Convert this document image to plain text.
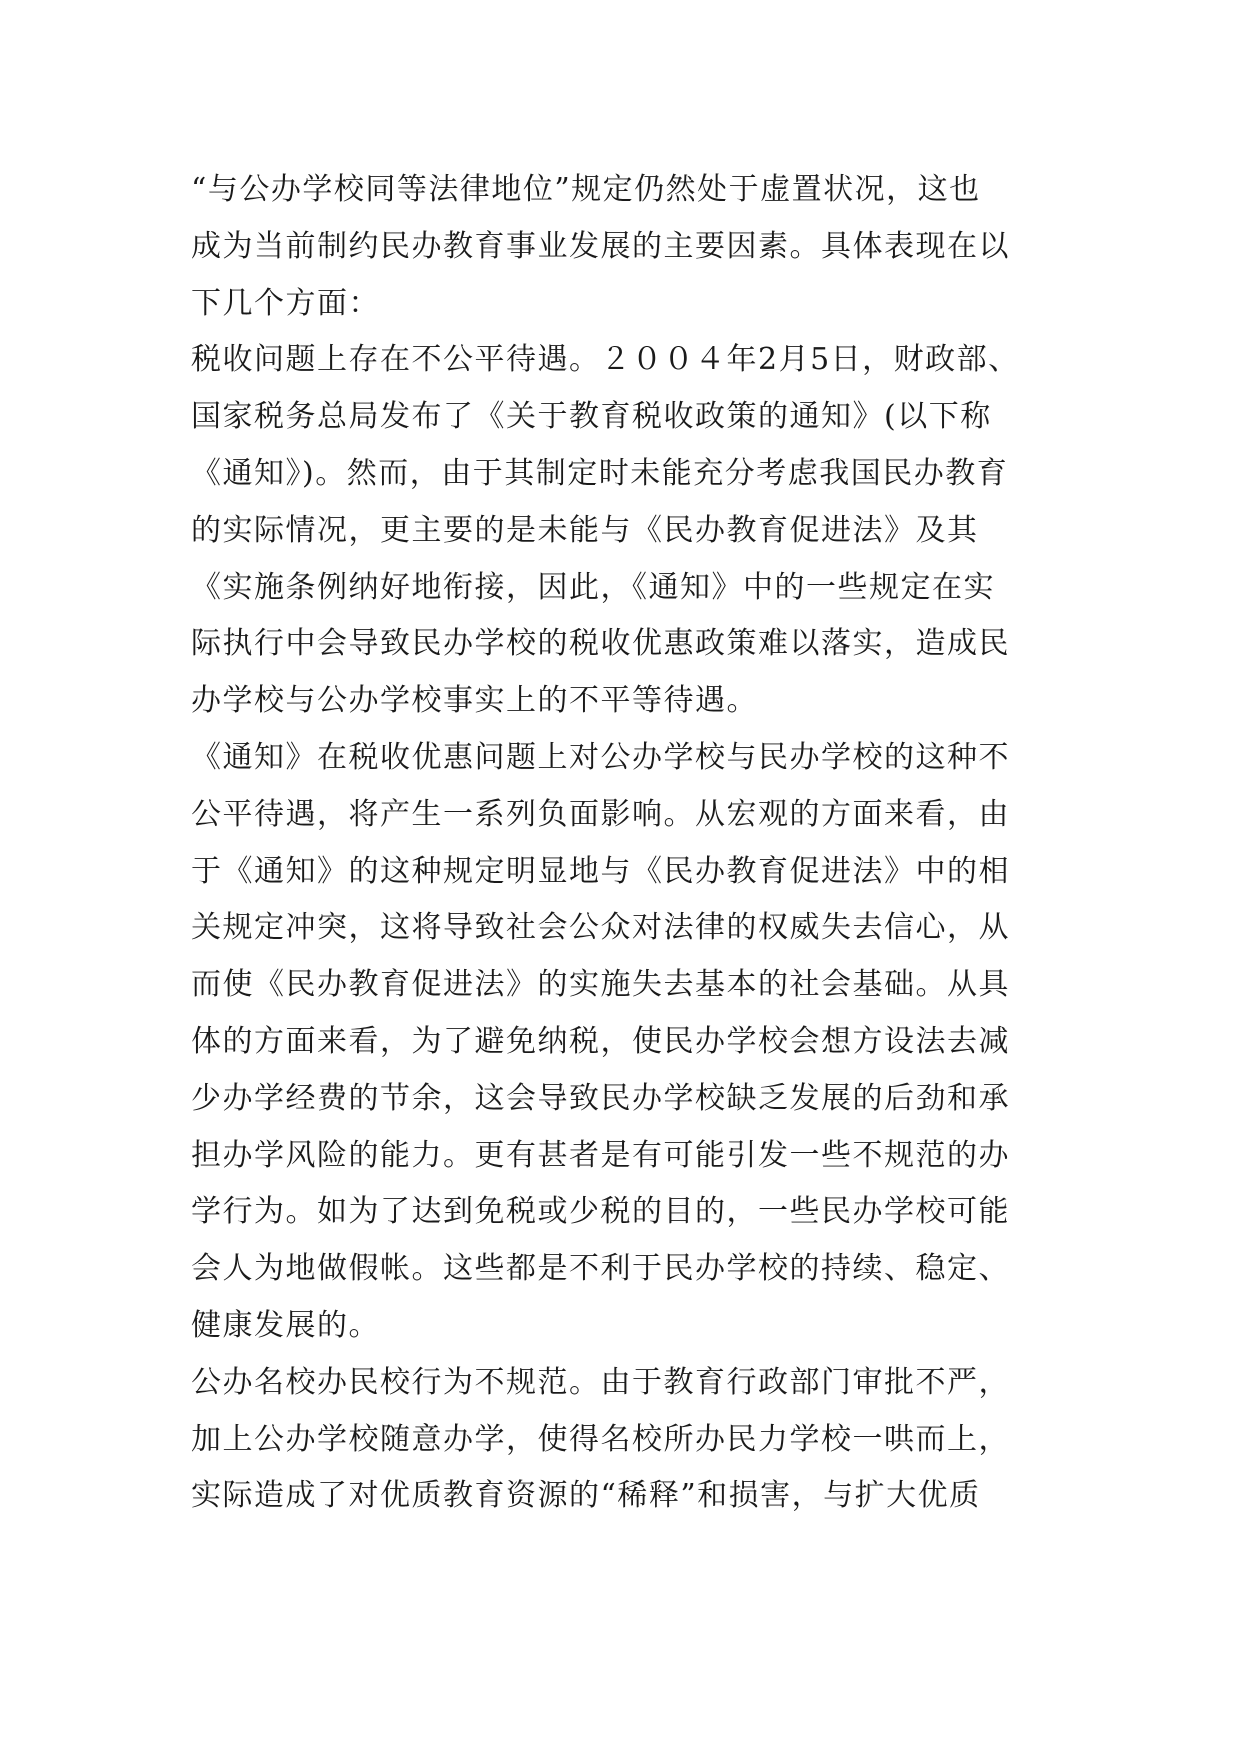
“与公办学校同等法律地位”规定仍然处于虚置状况，这也
成为当前制约民办教育事业发展的主要因素。具体表现在以
下几个方面：
税收问题上存在不公平待遇。２００４年2月5日，财政部、
国家税务总局发布了《关于教育税收政策的通知》(以下称
《通知》)。然而，由于其制定时未能充分考虑我国民办教育
的实际情况，更主要的是未能与《民办教育促进法》及其
《实施条例纳好地衔接，因此，《通知》中的一些规定在实
际执行中会导致民办学校的税收优惠政策难以落实，造成民
办学校与公办学校事实上的不平等待遇。
《通知》在税收优惠问题上对公办学校与民办学校的这种不
公平待遇，将产生一系列负面影响。从宏观的方面来看，由
于《通知》的这种规定明显地与《民办教育促进法》中的相
关规定冲突，这将导致社会公众对法律的权威失去信心，从
而使《民办教育促进法》的实施失去基本的社会基础。从具
体的方面来看，为了避免纳税，使民办学校会想方设法去减
少办学经费的节余，这会导致民办学校缺乏发展的后劲和承
担办学风险的能力。更有甚者是有可能引发一些不规范的办
学行为。如为了达到免税或少税的目的，一些民办学校可能
会人为地做假帐。这些都是不利于民办学校的持续、稳定、
健康发展的。
公办名校办民校行为不规范。由于教育行政部门审批不严，
加上公办学校随意办学，使得名校所办民力学校一哄而上，
实际造成了对优质教育资源的“稀释”和损害，与扩大优质
